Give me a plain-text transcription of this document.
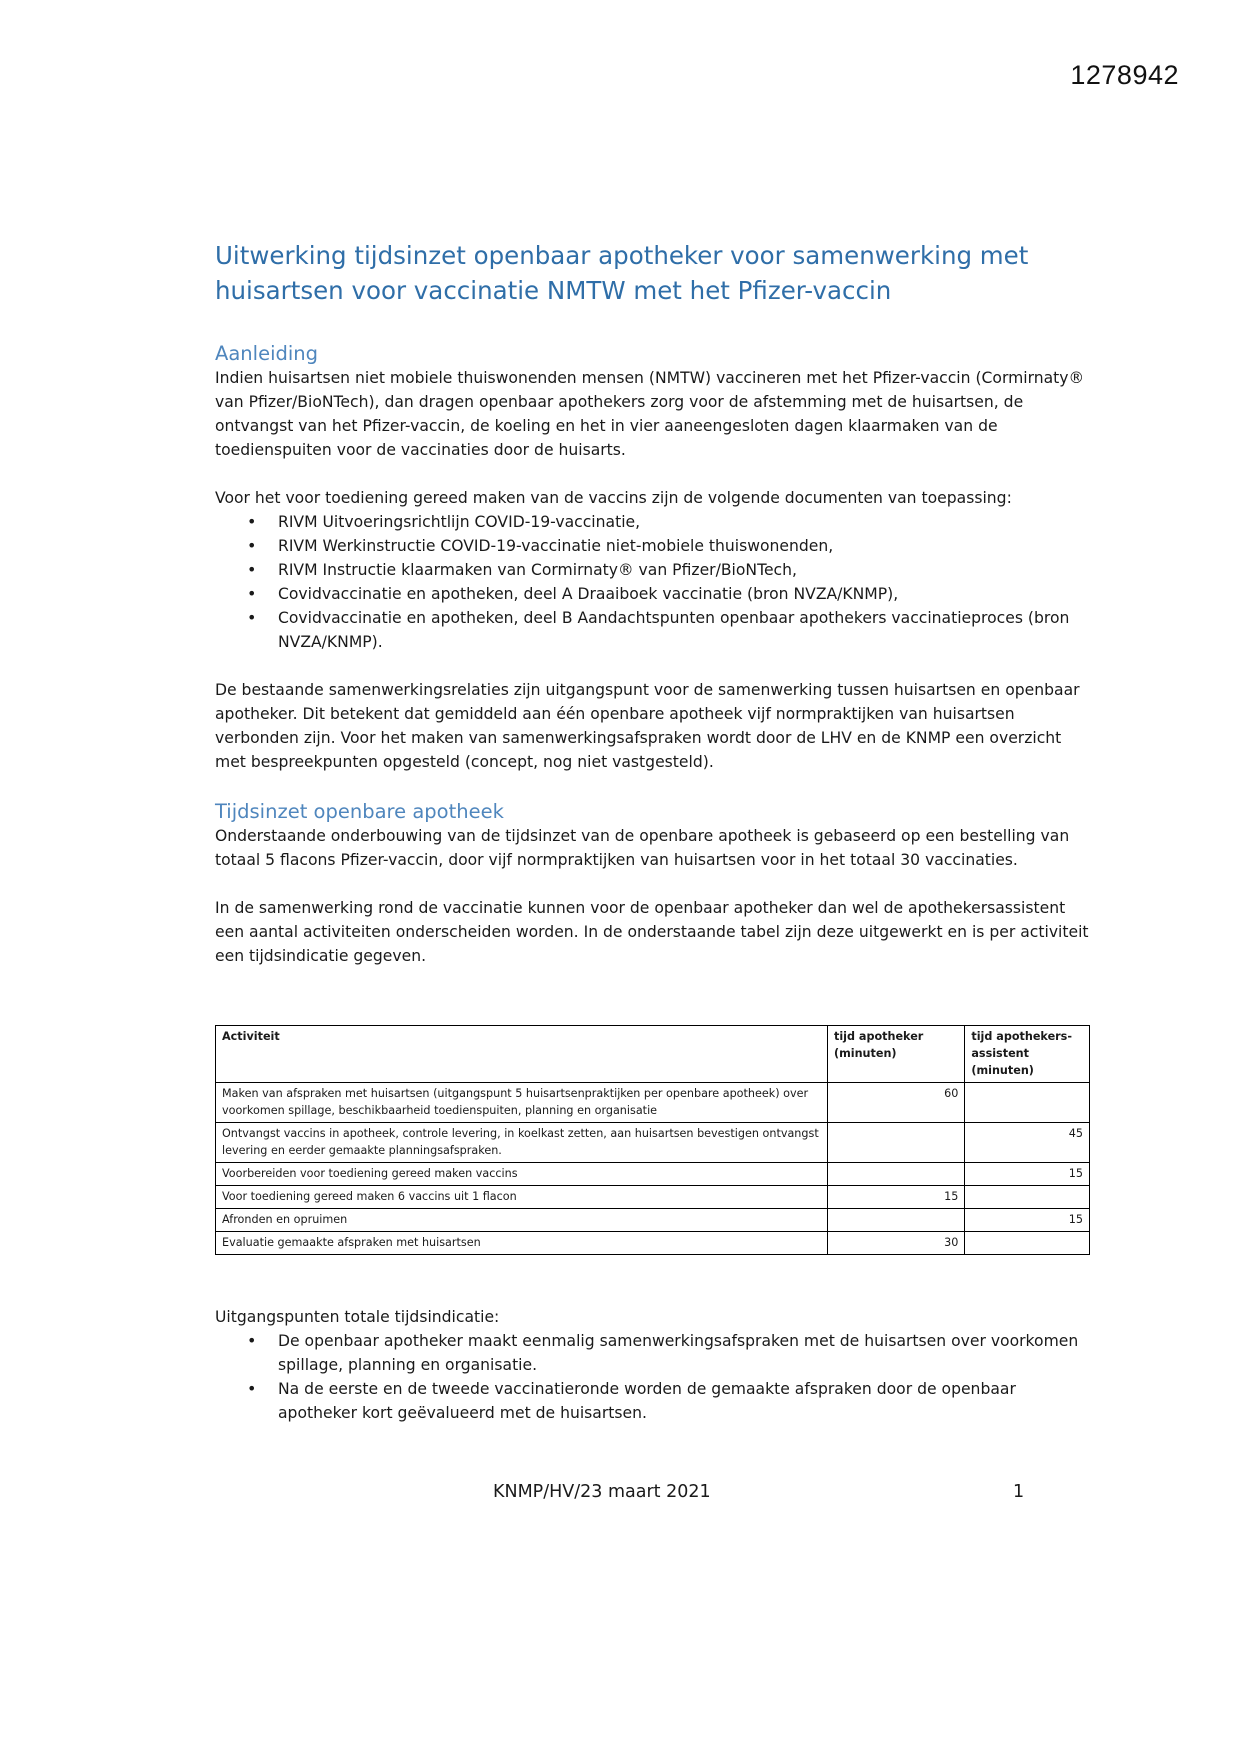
1278942
Uitwerking tijdsinzet openbaar apotheker voor samenwerking met huisartsen voor vaccinatie NMTW met het Pfizer-vaccin
Aanleiding

Indien huisartsen niet mobiele thuiswonenden mensen (NMTW) vaccineren met het Pfizer-vaccin (Cormirnaty® van Pfizer/BioNTech), dan dragen openbaar apothekers zorg voor de afstemming met de huisartsen, de ontvangst van het Pfizer-vaccin, de koeling en het in vier aaneengesloten dagen klaarmaken van de toedienspuiten voor de vaccinaties door de huisarts.

Voor het voor toediening gereed maken van de vaccins zijn de volgende documenten van toepassing:

• RIVM Uitvoeringsrichtlijn COVID-19-vaccinatie,
• RIVM Werkinstructie COVID-19-vaccinatie niet-mobiele thuiswonenden,
• RIVM Instructie klaarmaken van Cormirnaty® van Pfizer/BioNTech,
• Covidvaccinatie en apotheken, deel A Draaiboek vaccinatie (bron NVZA/KNMP),
• Covidvaccinatie en apotheken, deel B Aandachtspunten openbaar apothekers vaccinatieproces (bron NVZA/KNMP).

De bestaande samenwerkingsrelaties zijn uitgangspunt voor de samenwerking tussen huisartsen en openbaar apotheker. Dit betekent dat gemiddeld aan één openbare apotheek vijf normpraktijken van huisartsen verbonden zijn. Voor het maken van samenwerkingsafspraken wordt door de LHV en de KNMP een overzicht met bespreekpunten opgesteld (concept, nog niet vastgesteld).

Tijdsinzet openbare apotheek

Onderstaande onderbouwing van de tijdsinzet van de openbare apotheek is gebaseerd op een bestelling van totaal 5 flacons Pfizer-vaccin, door vijf normpraktijken van huisartsen voor in het totaal 30 vaccinaties.

In de samenwerking rond de vaccinatie kunnen voor de openbaar apotheker dan wel de apothekersassistent een aantal activiteiten onderscheiden worden. In de onderstaande tabel zijn deze uitgewerkt en is per activiteit een tijdsindicatie gegeven.

Activiteit	tijd apotheker (minuten)	tijd apothekers-assistent (minuten)
Maken van afspraken met huisartsen (uitgangspunt 5 huisartsenpraktijken per openbare apotheek) over voorkomen spillage, beschikbaarheid toedienspuiten, planning en organisatie	60	
Ontvangst vaccins in apotheek, controle levering, in koelkast zetten, aan huisartsen bevestigen ontvangst levering en eerder gemaakte planningsafspraken.		45
Voorbereiden voor toediening gereed maken vaccins		15
Voor toediening gereed maken 6 vaccins uit 1 flacon	15	
Afronden en opruimen		15
Evaluatie gemaakte afspraken met huisartsen	30	

Uitgangspunten totale tijdsindicatie:

• De openbaar apotheker maakt eenmalig samenwerkingsafspraken met de huisartsen over voorkomen spillage, planning en organisatie.
• Na de eerste en de tweede vaccinatieronde worden de gemaakte afspraken door de openbaar apotheker kort geëvalueerd met de huisartsen.
KNMP/HV/23 maart 2021	1
